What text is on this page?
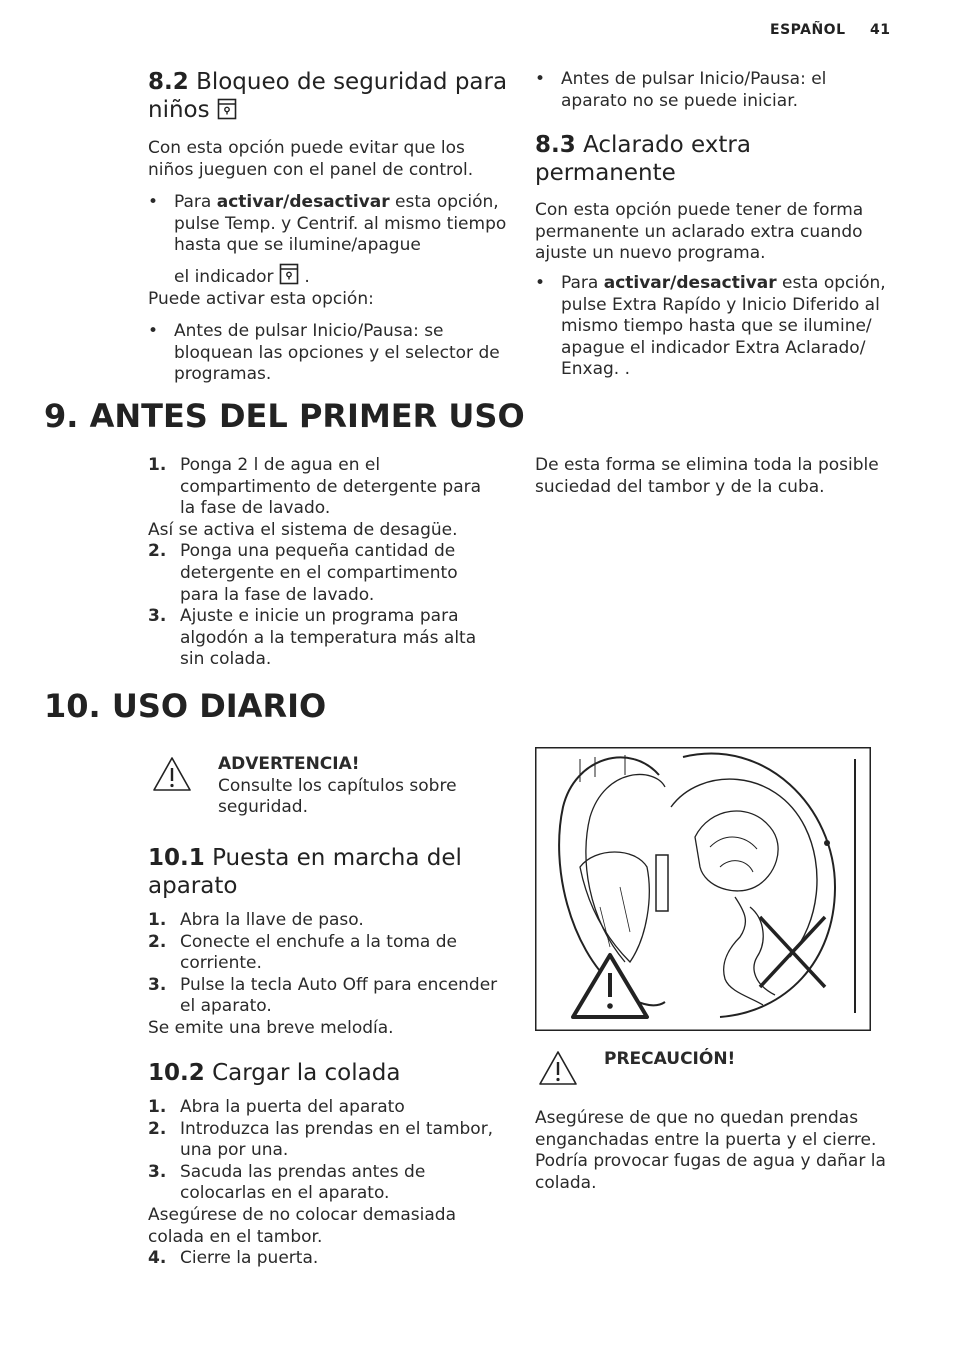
ESPAÑOL 41
8.2 Bloqueo de seguridad para niños

Con esta opción puede evitar que los niños jueguen con el panel de control.

• Para activar/desactivar esta opción, pulse Temp. y Centrif. al mismo tiempo hasta que se ilumine/apague
el indicador  .

Puede activar esta opción:

• Antes de pulsar Inicio/Pausa: se bloquean las opciones y el selector de programas.
• Antes de pulsar Inicio/Pausa: el aparato no se puede iniciar.
8.3 Aclarado extra permanente

Con esta opción puede tener de forma permanente un aclarado extra cuando ajuste un nuevo programa.

• Para activar/desactivar esta opción, pulse Extra Rapído y Inicio Diferido al mismo tiempo hasta que se ilumine/ apague el indicador Extra Aclarado/ Enxag. .
9. ANTES DEL PRIMER USO
1. Ponga 2 l de agua en el compartimento de detergente para la fase de lavado.

Así se activa el sistema de desagüe.

2. Ponga una pequeña cantidad de detergente en el compartimento para la fase de lavado.
3. Ajuste e inicie un programa para algodón a la temperatura más alta sin colada.

De esta forma se elimina toda la posible suciedad del tambor y de la cuba.

10. USO DIARIO
ADVERTENCIA!
Consulte los capítulos sobre seguridad.
10.1 Puesta en marcha del aparato
1. Abra la llave de paso.
2. Conecte el enchufe a la toma de corriente.
3. Pulse la tecla Auto Off para encender el aparato.

Se emite una breve melodía.

10.2 Cargar la colada
1. Abra la puerta del aparato
2. Introduzca las prendas en el tambor, una por una.
3. Sacuda las prendas antes de colocarlas en el aparato.

Asegúrese de no colocar demasiada colada en el tambor.

4. Cierre la puerta.
PRECAUCIÓN!

Asegúrese de que no quedan prendas enganchadas entre la puerta y el cierre. Podría provocar fugas de agua y dañar la colada.
